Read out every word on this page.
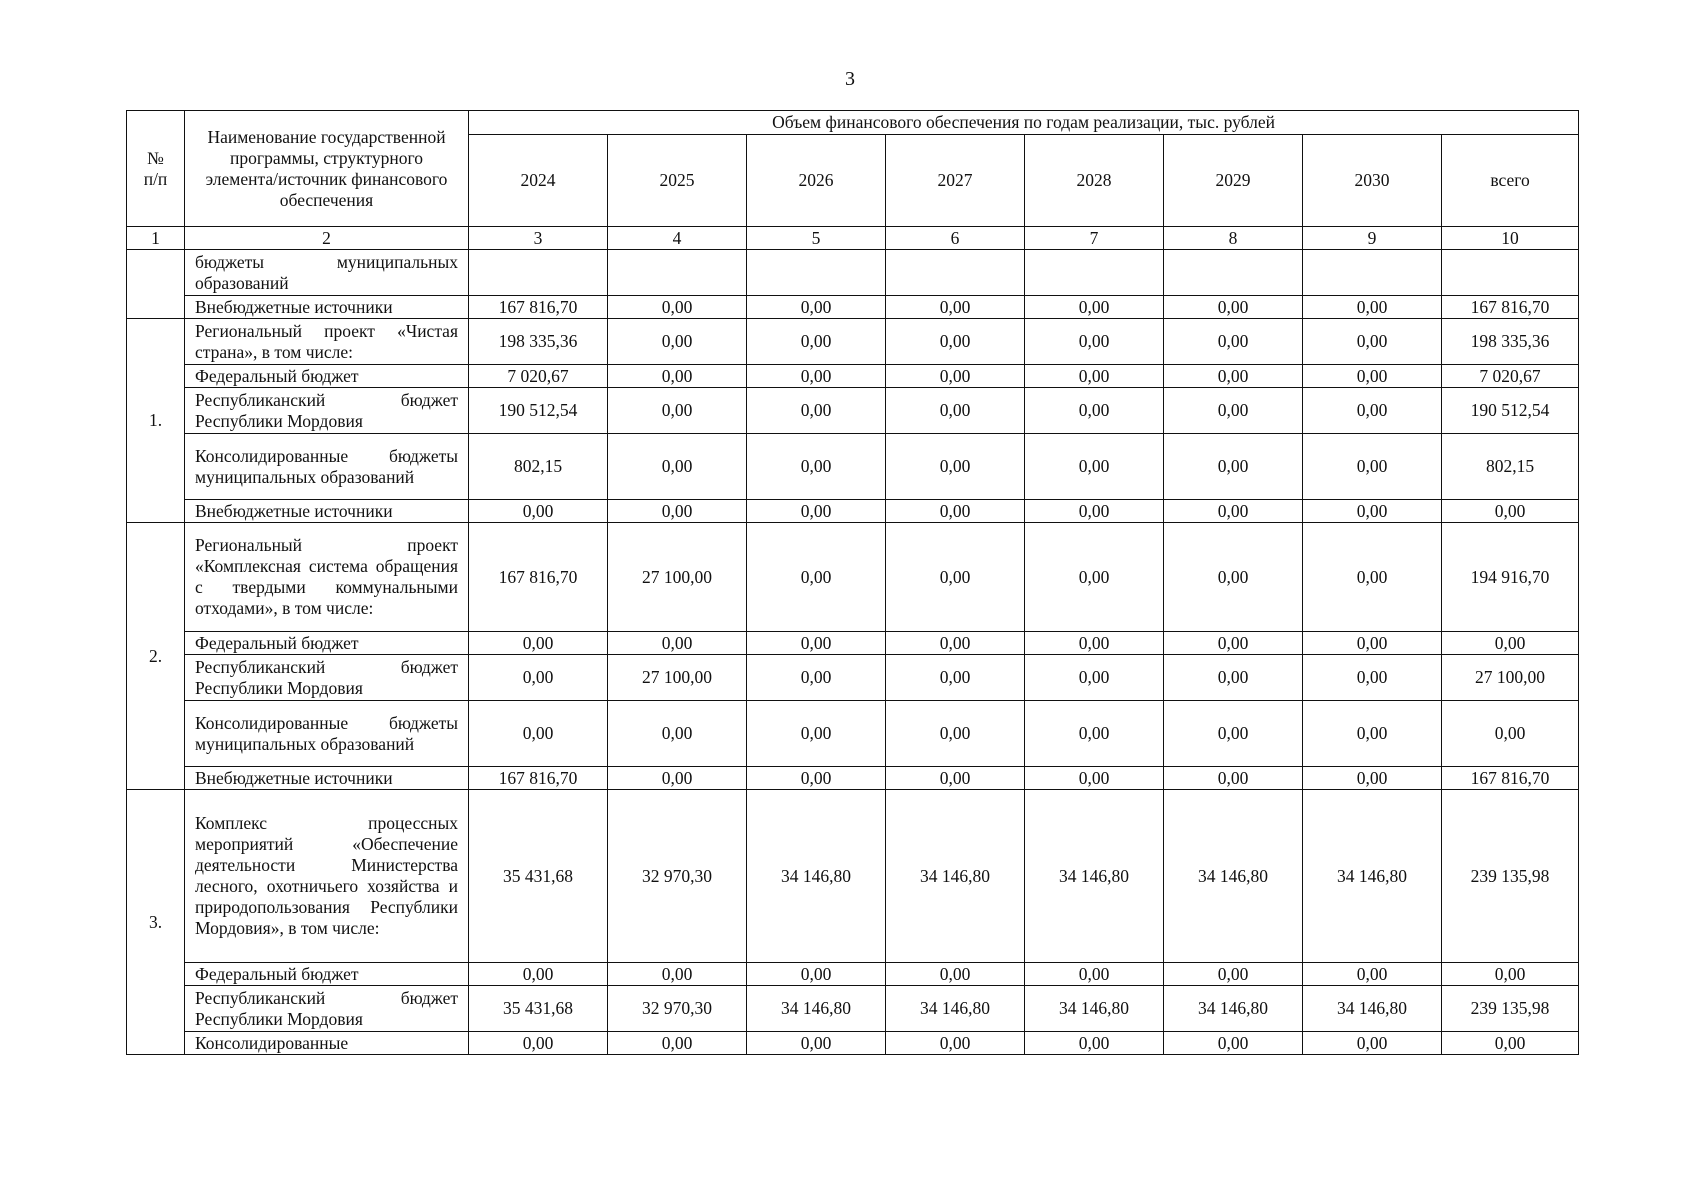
3
№
п/п	Наименование государственной программы, структурного элемента/источник финансового обеспечения	Объем финансового обеспечения по годам реализации, тыс. рублей							
		2024	2025	2026	2027	2028	2029	2030	всего
1	2	3	4	5	6	7	8	9	10
	бюджеты муниципальных образований								
	Внебюджетные источники	167 816,70	0,00	0,00	0,00	0,00	0,00	0,00	167 816,70
1.	Региональный проект «Чистая страна», в том числе:	198 335,36	0,00	0,00	0,00	0,00	0,00	0,00	198 335,36
	Федеральный бюджет	7 020,67	0,00	0,00	0,00	0,00	0,00	0,00	7 020,67
	Республиканский бюджет Республики Мордовия	190 512,54	0,00	0,00	0,00	0,00	0,00	0,00	190 512,54
	Консолидированные бюджеты муниципальных образований	802,15	0,00	0,00	0,00	0,00	0,00	0,00	802,15
	Внебюджетные источники	0,00	0,00	0,00	0,00	0,00	0,00	0,00	0,00
2.	Региональный проект «Комплексная система обращения с твердыми коммунальными отходами», в том числе:	167 816,70	27 100,00	0,00	0,00	0,00	0,00	0,00	194 916,70
	Федеральный бюджет	0,00	0,00	0,00	0,00	0,00	0,00	0,00	0,00
	Республиканский бюджет Республики Мордовия	0,00	27 100,00	0,00	0,00	0,00	0,00	0,00	27 100,00
	Консолидированные бюджеты муниципальных образований	0,00	0,00	0,00	0,00	0,00	0,00	0,00	0,00
	Внебюджетные источники	167 816,70	0,00	0,00	0,00	0,00	0,00	0,00	167 816,70
3.	Комплекс процессных мероприятий «Обеспечение деятельности Министерства лесного, охотничьего хозяйства и природопользования Республики Мордовия», в том числе:	35 431,68	32 970,30	34 146,80	34 146,80	34 146,80	34 146,80	34 146,80	239 135,98
	Федеральный бюджет	0,00	0,00	0,00	0,00	0,00	0,00	0,00	0,00
	Республиканский бюджет Республики Мордовия	35 431,68	32 970,30	34 146,80	34 146,80	34 146,80	34 146,80	34 146,80	239 135,98
	Консолидированные	0,00	0,00	0,00	0,00	0,00	0,00	0,00	0,00
